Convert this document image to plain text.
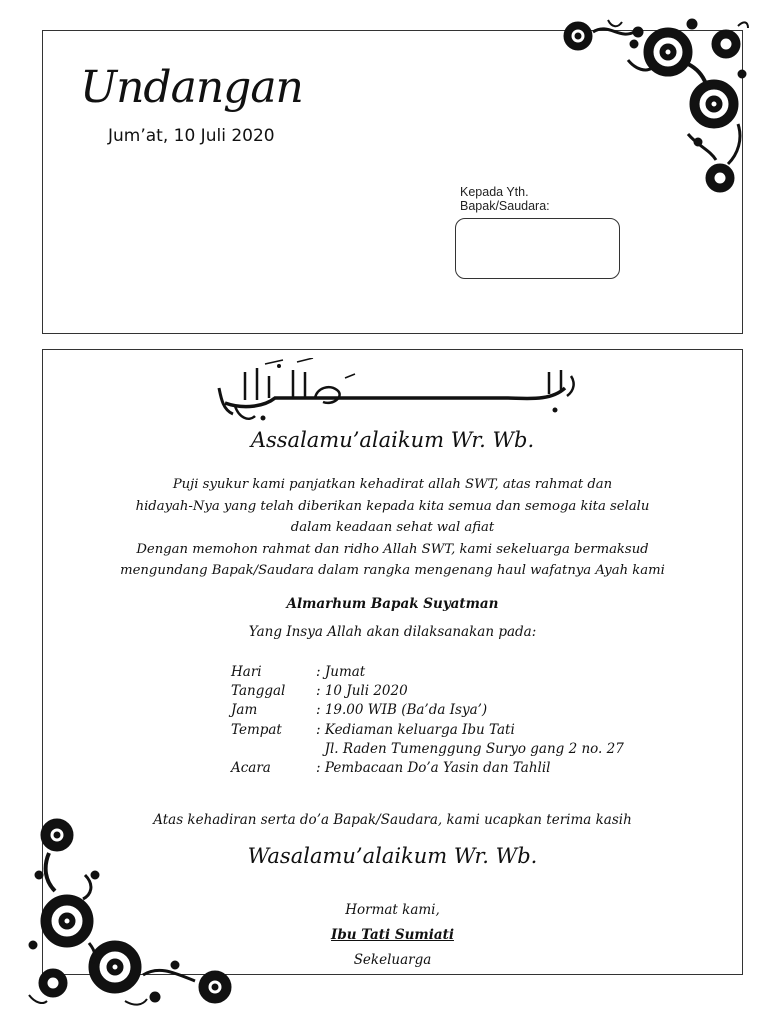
Undangan
Jum’at, 10 Juli 2020
Kepada Yth.
Bapak/Saudara:
Assalamu’alaikum Wr. Wb.
Puji syukur kami panjatkan kehadirat allah SWT, atas rahmat dan
hidayah-Nya yang telah diberikan kepada kita semua dan semoga kita selalu
dalam keadaan sehat wal afiat
Dengan memohon rahmat dan ridho Allah SWT, kami sekeluarga bermaksud
mengundang Bapak/Saudara dalam rangka mengenang haul wafatnya Ayah kami
Almarhum Bapak Suyatman
Yang Insya Allah akan dilaksanakan pada:
Hari	: Jumat
Tanggal	: 10 Juli 2020
Jam	: 19.00 WIB (Ba’da Isya’)
Tempat	: Kediaman keluarga Ibu Tati
Jl. Raden Tumenggung Suryo gang 2 no. 27
Acara	: Pembacaan Do’a Yasin dan Tahlil
Atas kehadiran serta do’a Bapak/Saudara, kami ucapkan terima kasih
Wasalamu’alaikum Wr. Wb.
Hormat kami,
Ibu Tati Sumiati
Sekeluarga
